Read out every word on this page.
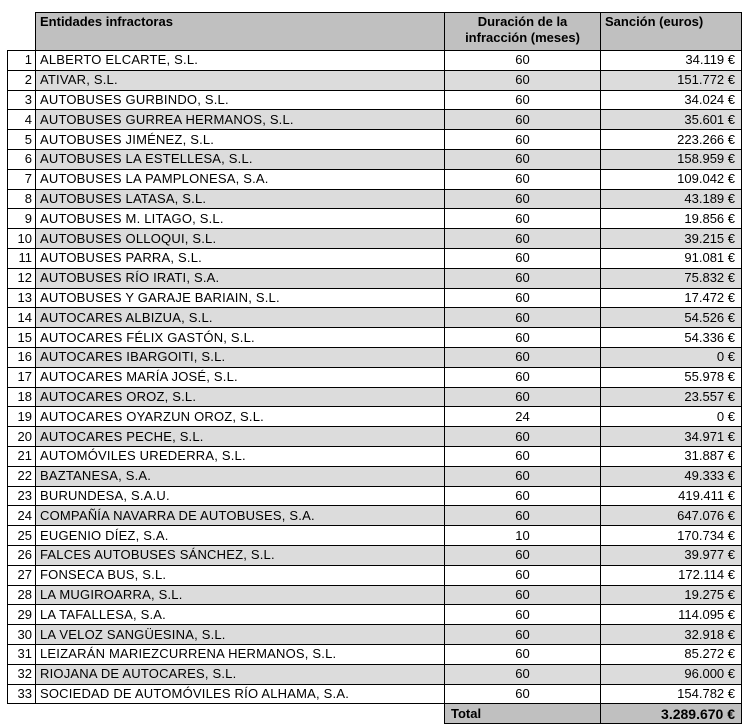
	Entidades infractoras	Duración de la infracción (meses)	Sanción (euros)
1	ALBERTO ELCARTE, S.L.	60	34.119 €
2	ATIVAR, S.L.	60	151.772 €
3	AUTOBUSES GURBINDO, S.L.	60	34.024 €
4	AUTOBUSES GURREA HERMANOS, S.L.	60	35.601 €
5	AUTOBUSES JIMÉNEZ, S.L.	60	223.266 €
6	AUTOBUSES LA ESTELLESA, S.L.	60	158.959 €
7	AUTOBUSES LA PAMPLONESA, S.A.	60	109.042 €
8	AUTOBUSES LATASA, S.L.	60	43.189 €
9	AUTOBUSES M. LITAGO, S.L.	60	19.856 €
10	AUTOBUSES OLLOQUI, S.L.	60	39.215 €
11	AUTOBUSES PARRA, S.L.	60	91.081 €
12	AUTOBUSES RÍO IRATI, S.A.	60	75.832 €
13	AUTOBUSES Y GARAJE BARIAIN, S.L.	60	17.472 €
14	AUTOCARES ALBIZUA, S.L.	60	54.526 €
15	AUTOCARES FÉLIX GASTÓN, S.L.	60	54.336 €
16	AUTOCARES IBARGOITI, S.L.	60	0 €
17	AUTOCARES MARÍA JOSÉ, S.L.	60	55.978 €
18	AUTOCARES OROZ, S.L.	60	23.557 €
19	AUTOCARES OYARZUN OROZ, S.L.	24	0 €
20	AUTOCARES PECHE, S.L.	60	34.971 €
21	AUTOMÓVILES UREDERRA, S.L.	60	31.887 €
22	BAZTANESA, S.A.	60	49.333 €
23	BURUNDESA, S.A.U.	60	419.411 €
24	COMPAÑÍA NAVARRA DE AUTOBUSES, S.A.	60	647.076 €
25	EUGENIO DÍEZ, S.A.	10	170.734 €
26	FALCES AUTOBUSES SÁNCHEZ, S.L.	60	39.977 €
27	FONSECA BUS, S.L.	60	172.114 €
28	LA MUGIROARRA, S.L.	60	19.275 €
29	LA TAFALLESA, S.A.	60	114.095 €
30	LA VELOZ SANGÜESINA, S.L.	60	32.918 €
31	LEIZARÁN MARIEZCURRENA HERMANOS, S.L.	60	85.272 €
32	RIOJANA DE AUTOCARES, S.L.	60	96.000 €
33	SOCIEDAD DE AUTOMÓVILES RÍO ALHAMA, S.A.	60	154.782 €
		Total	3.289.670 €
